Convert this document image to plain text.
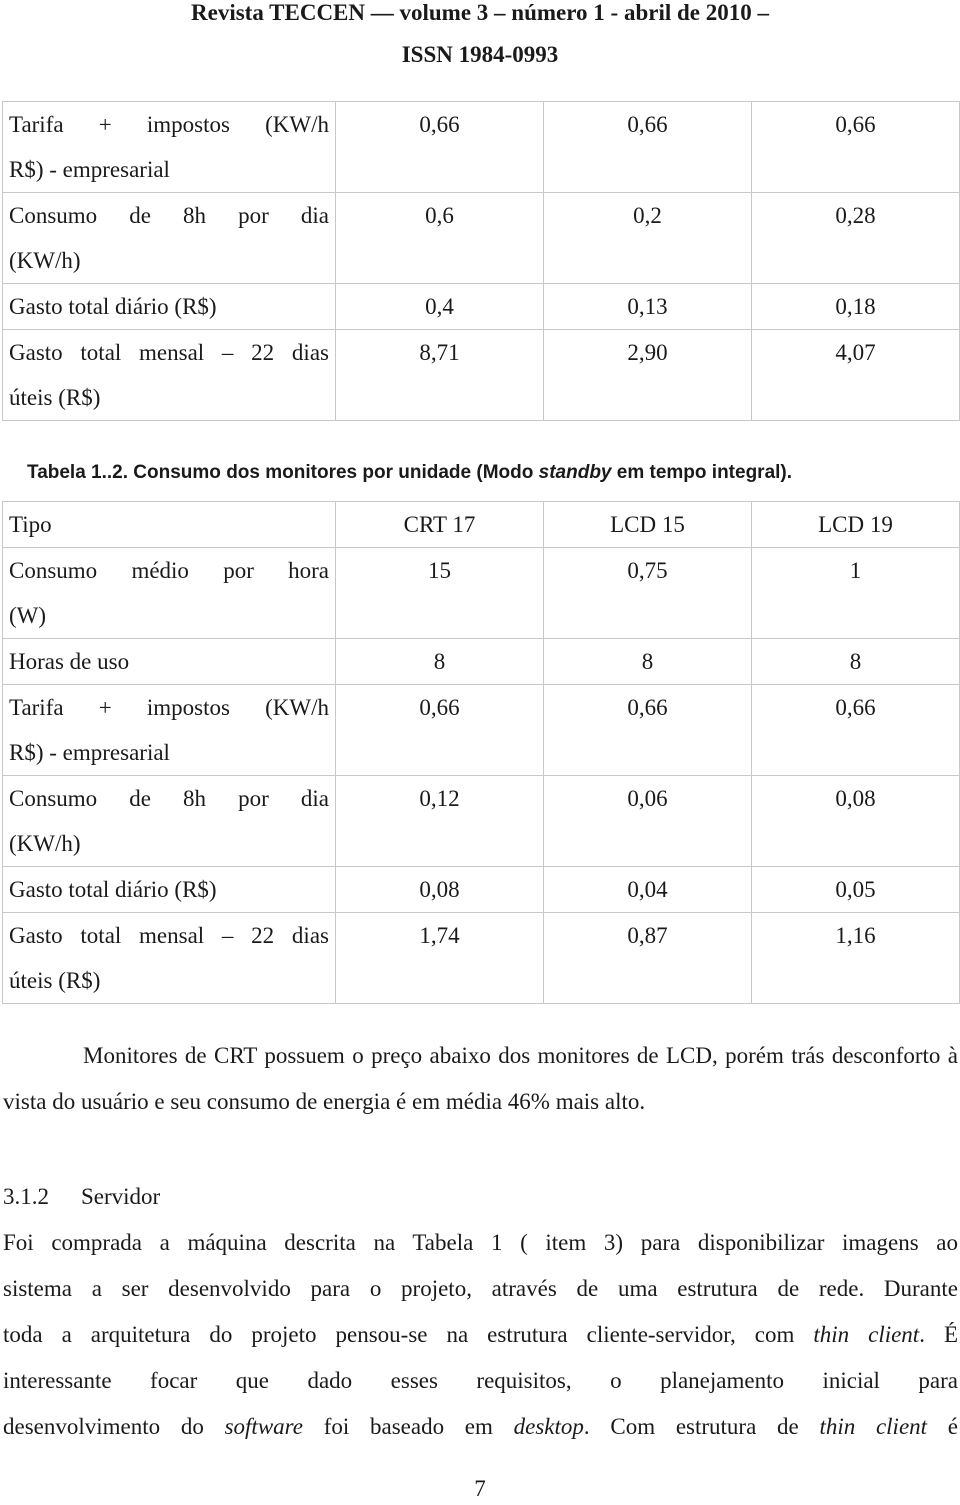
Revista TECCEN — volume 3 – número 1 - abril de 2010 –
ISSN 1984-0993
Tarifa + impostos (KW/h
R$) - empresarial	0,66	0,66	0,66
Consumo de 8h por dia
(KW/h)	0,6	0,2	0,28
Gasto total diário (R$)	0,4	0,13	0,18
Gasto total mensal – 22 dias
úteis (R$)	8,71	2,90	4,07
Tabela 1..2. Consumo dos monitores por unidade (Modo standby em tempo integral).
Tipo	CRT 17	LCD 15	LCD 19
Consumo médio por hora
(W)	15	0,75	1
Horas de uso	8	8	8
Tarifa + impostos (KW/h
R$) - empresarial	0,66	0,66	0,66
Consumo de 8h por dia
(KW/h)	0,12	0,06	0,08
Gasto total diário (R$)	0,08	0,04	0,05
Gasto total mensal – 22 dias
úteis (R$)	1,74	0,87	1,16
Monitores de CRT possuem o preço abaixo dos monitores de LCD, porém trás desconforto à vista do usuário e seu consumo de energia é em média 46% mais alto.
3.1.2 Servidor
Foi comprada a máquina descrita na Tabela 1 ( item 3) para disponibilizar imagens ao
sistema a ser desenvolvido para o projeto, através de uma estrutura de rede. Durante
toda a arquitetura do projeto pensou-se na estrutura cliente-servidor, com thin client. É
interessante focar que dado esses requisitos, o planejamento inicial para
desenvolvimento do software foi baseado em desktop. Com estrutura de thin client é
7
